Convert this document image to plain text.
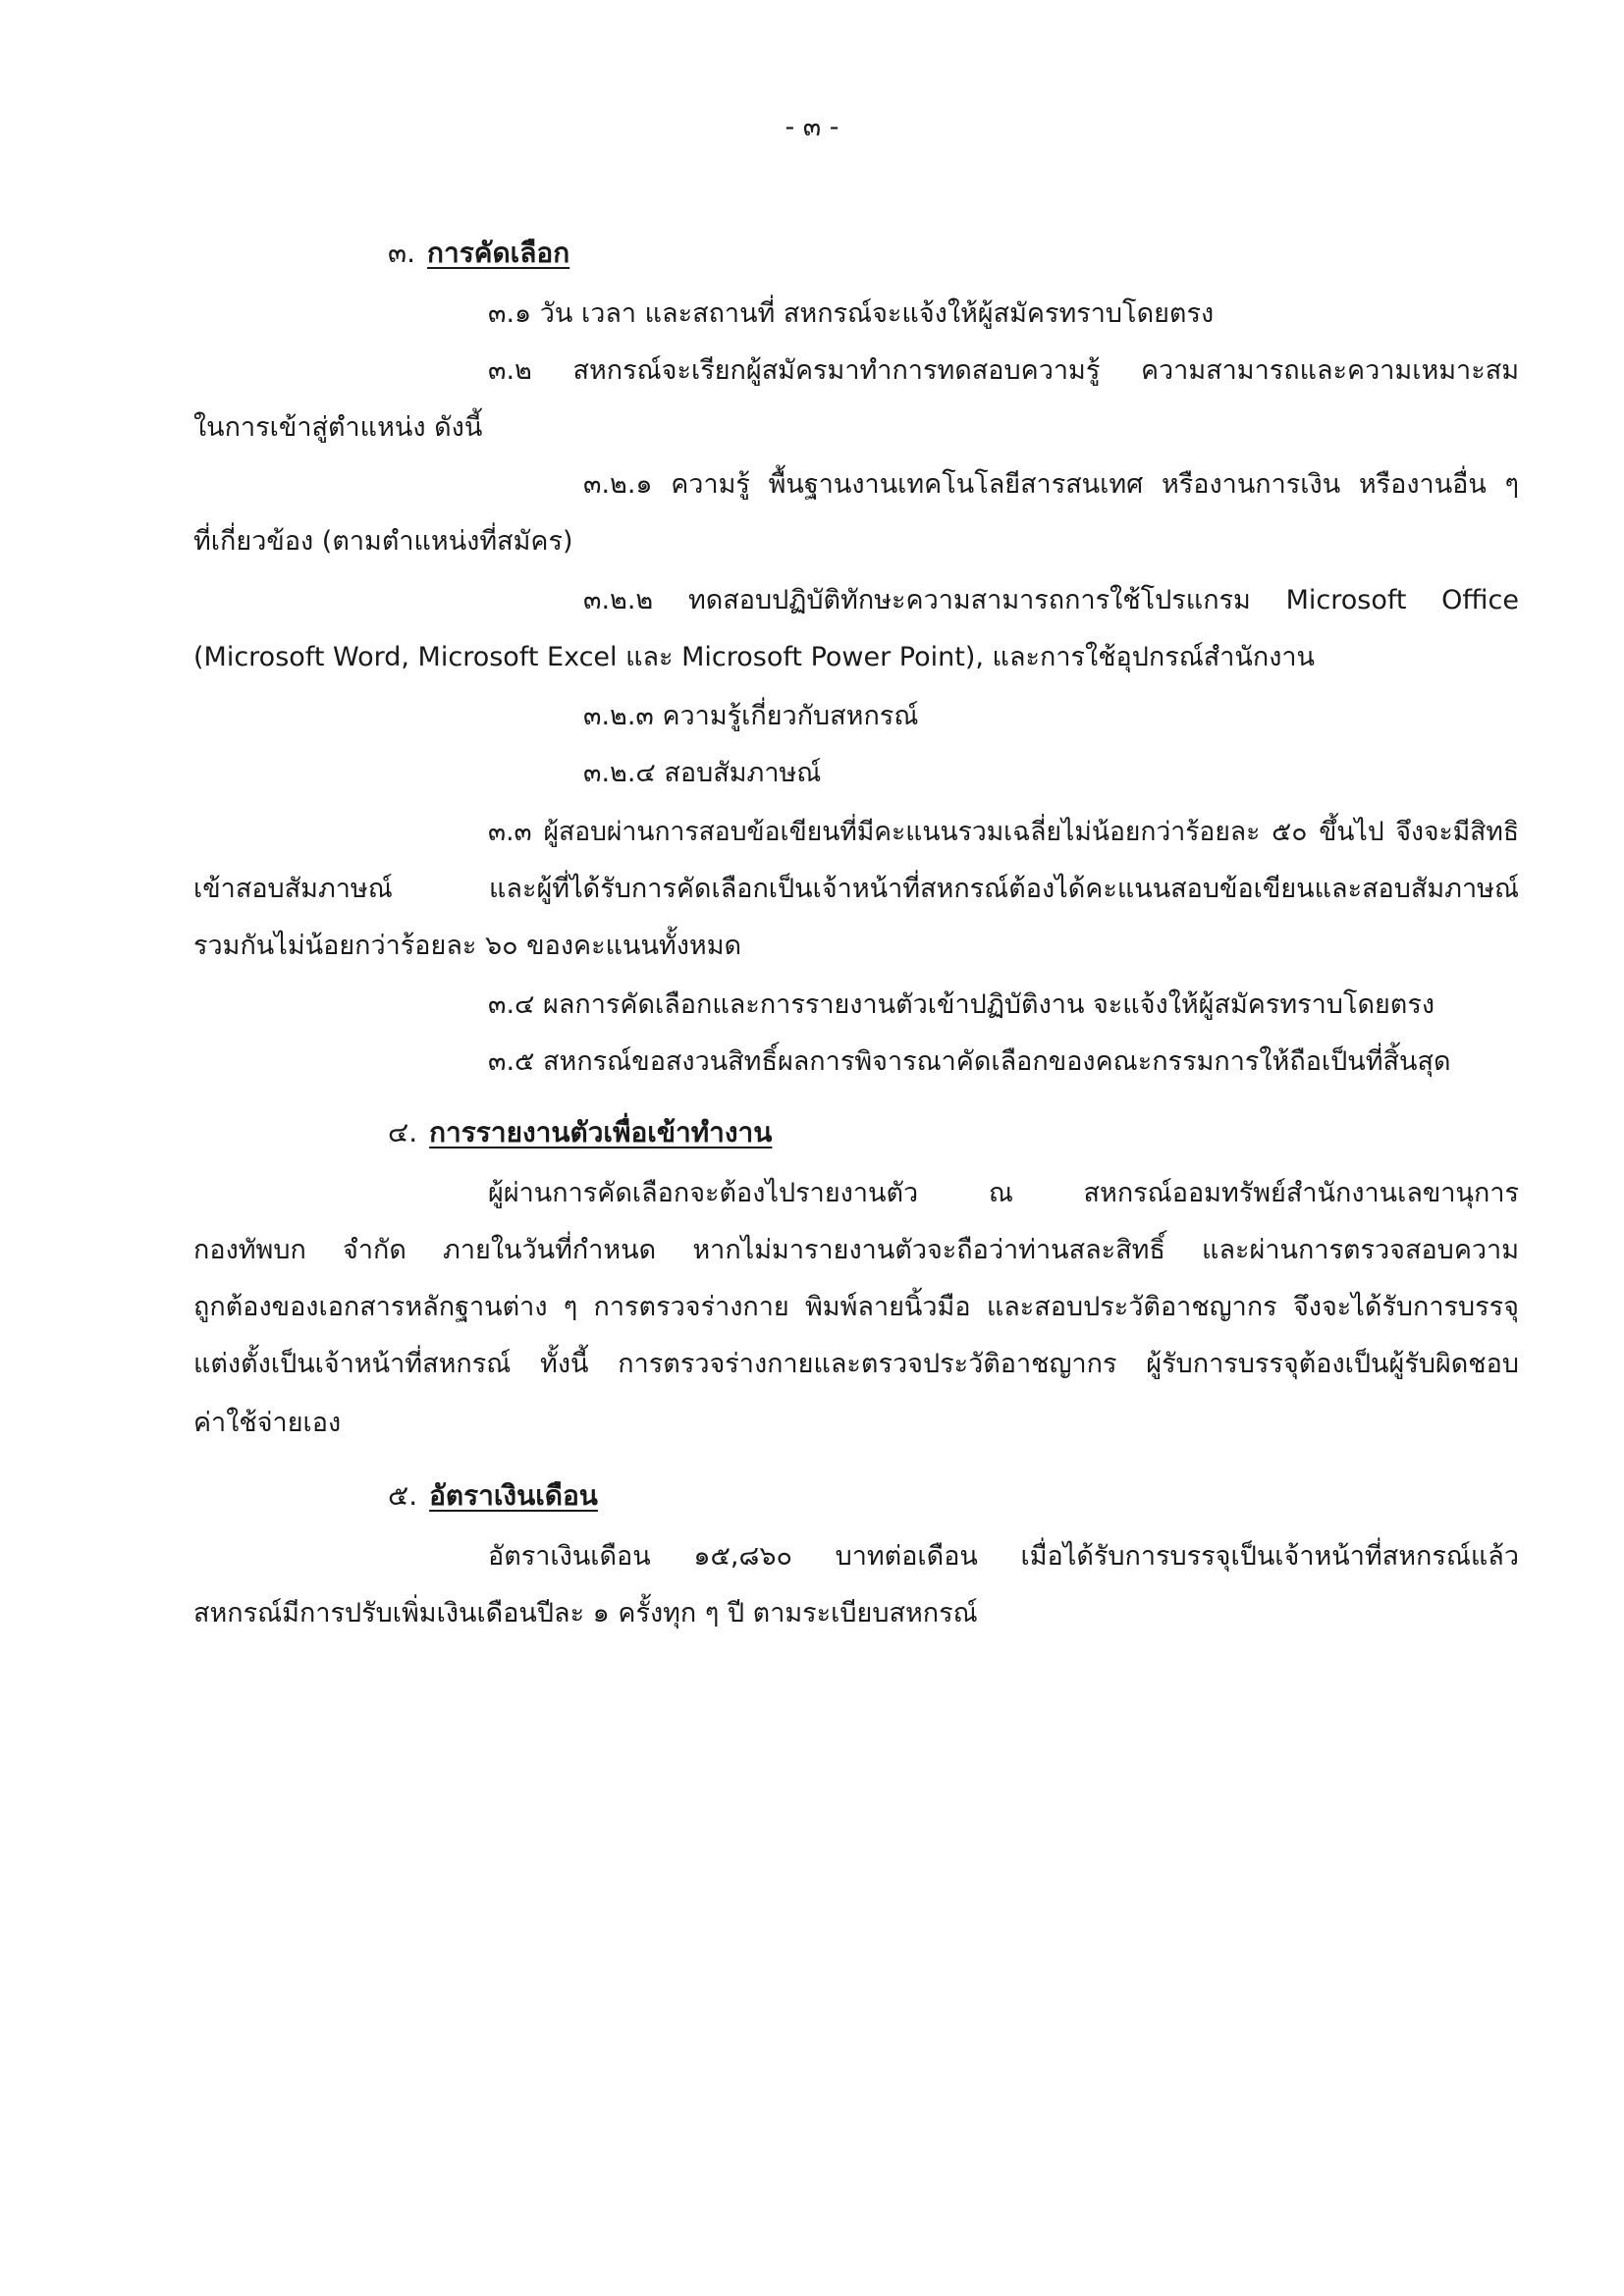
- ๓ -
๓. การคัดเลือก
๓.๑ วัน เวลา และสถานที่ สหกรณ์จะแจ้งให้ผู้สมัครทราบโดยตรง
๓.๒ สหกรณ์จะเรียกผู้สมัครมาทำการทดสอบความรู้ ความสามารถและความเหมาะสม
ในการเข้าสู่ตำแหน่ง ดังนี้
๓.๒.๑ ความรู้ พื้นฐานงานเทคโนโลยีสารสนเทศ หรืองานการเงิน หรืองานอื่น ๆ
ที่เกี่ยวข้อง (ตามตำแหน่งที่สมัคร)
๓.๒.๒ ทดสอบปฏิบัติทักษะความสามารถการใช้โปรแกรม Microsoft Office
(Microsoft Word, Microsoft Excel และ Microsoft Power Point), และการใช้อุปกรณ์สำนักงาน
๓.๒.๓ ความรู้เกี่ยวกับสหกรณ์
๓.๒.๔ สอบสัมภาษณ์
๓.๓ ผู้สอบผ่านการสอบข้อเขียนที่มีคะแนนรวมเฉลี่ยไม่น้อยกว่าร้อยละ ๕๐ ขึ้นไป จึงจะมีสิทธิ
เข้าสอบสัมภาษณ์ และผู้ที่ได้รับการคัดเลือกเป็นเจ้าหน้าที่สหกรณ์ต้องได้คะแนนสอบข้อเขียนและสอบสัมภาษณ์
รวมกันไม่น้อยกว่าร้อยละ ๖๐ ของคะแนนทั้งหมด
๓.๔ ผลการคัดเลือกและการรายงานตัวเข้าปฏิบัติงาน จะแจ้งให้ผู้สมัครทราบโดยตรง
๓.๕ สหกรณ์ขอสงวนสิทธิ์ผลการพิจารณาคัดเลือกของคณะกรรมการให้ถือเป็นที่สิ้นสุด
๔. การรายงานตัวเพื่อเข้าทำงาน
ผู้ผ่านการคัดเลือกจะต้องไปรายงานตัว ณ สหกรณ์ออมทรัพย์สำนักงานเลขานุการ
กองทัพบก จำกัด ภายในวันที่กำหนด หากไม่มารายงานตัวจะถือว่าท่านสละสิทธิ์ และผ่านการตรวจสอบความ
ถูกต้องของเอกสารหลักฐานต่าง ๆ การตรวจร่างกาย พิมพ์ลายนิ้วมือ และสอบประวัติอาชญากร จึงจะได้รับการบรรจุ
แต่งตั้งเป็นเจ้าหน้าที่สหกรณ์ ทั้งนี้ การตรวจร่างกายและตรวจประวัติอาชญากร ผู้รับการบรรจุต้องเป็นผู้รับผิดชอบ
ค่าใช้จ่ายเอง
๕. อัตราเงินเดือน
อัตราเงินเดือน ๑๕,๘๖๐ บาทต่อเดือน เมื่อได้รับการบรรจุเป็นเจ้าหน้าที่สหกรณ์แล้ว
สหกรณ์มีการปรับเพิ่มเงินเดือนปีละ ๑ ครั้งทุก ๆ ปี ตามระเบียบสหกรณ์
